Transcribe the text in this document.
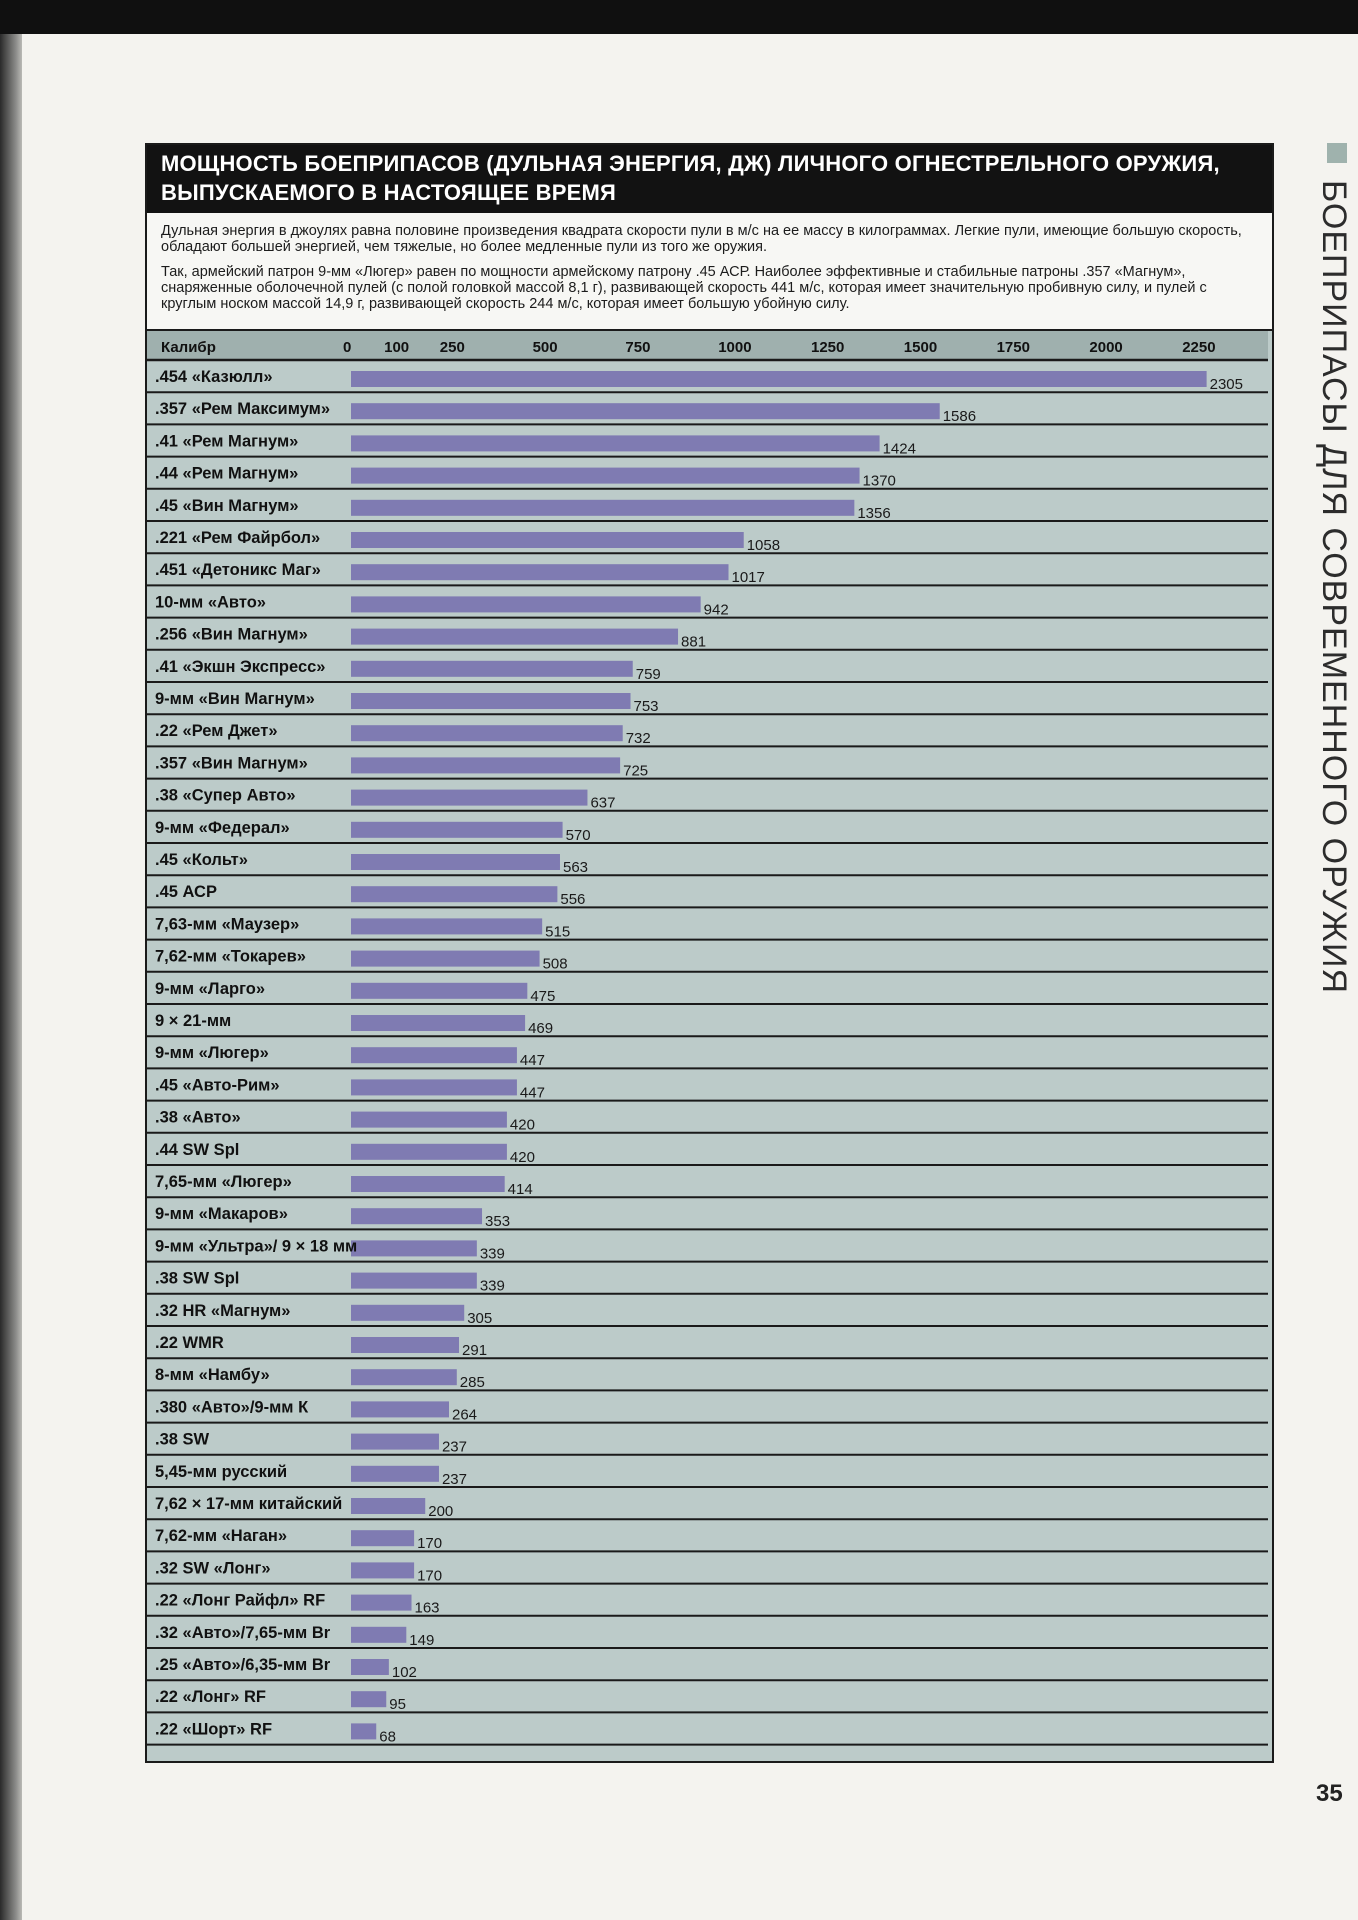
БОЕПРИПАСЫ ДЛЯ СОВРЕМЕННОГО ОРУЖИЯ
МОЩНОСТЬ БОЕПРИПАСОВ (ДУЛЬНАЯ ЭНЕРГИЯ, ДЖ) ЛИЧНОГО ОГНЕСТРЕЛЬНОГО ОРУЖИЯ,
ВЫПУСКАЕМОГО В НАСТОЯЩЕЕ ВРЕМЯ

Дульная энергия в джоулях равна половине произведения квадрата скорости пули в м/с на ее массу в килограммах. Легкие пули, имеющие большую скорость, обладают большей энергией, чем тяжелые, но более медленные пули из того же оружия.

Так, армейский патрон 9-мм «Люгер» равен по мощности армейскому патрону .45 АСР. Наиболее эффективные и стабильные патроны .357 «Магнум», снаряженные оболочечной пулей (с полой головкой массой 8,1 г), развивающей скорость 441 м/с, которая имеет значительную пробивную силу, и пулей с круглым носком массой 14,9 г, развивающей скорость 244 м/с, которая имеет большую убойную силу.

Калибр	0 100 250	500	750	1000	1250	1500	1750	2000	2250
.454 «Казюлл»	2305
.357 «Рем Максимум»	1586
.41 «Рем Магнум»	1424
.44 «Рем Магнум»	1370
.45 «Вин Магнум»	1356
.221 «Рем Файрбол»	1058
.451 «Детоникс Маг»	1017
10-мм «Авто»	942
.256 «Вин Магнум»	881
.41 «Экшн Экспресс»	759
9-мм «Вин Магнум»	753
.22 «Рем Джет»	732
.357 «Вин Магнум»	725
.38 «Супер Авто»	637
9-мм «Федерал»	570
.45 «Кольт»	563
.45 АСР	556
7,63-мм «Маузер»	515
7,62-мм «Токарев»	508
9-мм «Ларго»	475
9 × 21-мм	469
9-мм «Люгер»	447
.45 «Авто-Рим»	447
.38 «Авто»	420
.44 SW Spl	420
7,65-мм «Люгер»	414
9-мм «Макаров»	353
9-мм «Ультра»/ 9 × 18 мм	339
.38 SW Spl	339
.32 HR «Магнум»	305
.22 WMR	291
8-мм «Намбу»	285
.380 «Авто»/9-мм К	264
.38 SW	237
5,45-мм русский	237
7,62 × 17-мм китайский	200
7,62-мм «Наган»	170
.32 SW «Лонг»	170
.22 «Лонг Райфл» RF	163
.32 «Авто»/7,65-мм Br	149
.25 «Авто»/6,35-мм Br	102
.22 «Лонг» RF	95
.22 «Шорт» RF	68
35
